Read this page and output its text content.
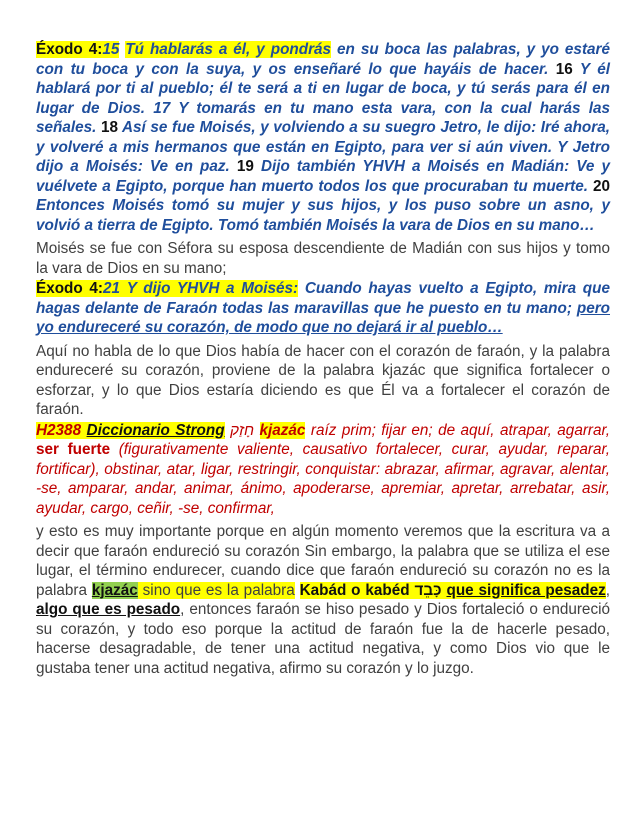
Éxodo 4:15 Tú hablarás a él, y pondrás en su boca las palabras, y yo estaré con tu boca y con la suya, y os enseñaré lo que hayáis de hacer. 16 Y él hablará por ti al pueblo; él te será a ti en lugar de boca, y tú serás para él en lugar de Dios. 17 Y tomarás en tu mano esta vara, con la cual harás las señales. 18 Así se fue Moisés, y volviendo a su suegro Jetro, le dijo: Iré ahora, y volveré a mis hermanos que están en Egipto, para ver si aún viven. Y Jetro dijo a Moisés: Ve en paz. 19 Dijo también YHVH a Moisés en Madián: Ve y vuélvete a Egipto, porque han muerto todos los que procuraban tu muerte. 20 Entonces Moisés tomó su mujer y sus hijos, y los puso sobre un asno, y volvió a tierra de Egipto. Tomó también Moisés la vara de Dios en su mano…

Moisés se fue con Séfora su esposa descendiente de Madián con sus hijos y tomo la vara de Dios en su mano;

Éxodo 4:21 Y dijo YHVH a Moisés: Cuando hayas vuelto a Egipto, mira que hagas delante de Faraón todas las maravillas que he puesto en tu mano; pero yo endureceré su corazón, de modo que no dejará ir al pueblo…

Aquí no habla de lo que Dios había de hacer con el corazón de faraón, y la palabra endureceré su corazón, proviene de la palabra kjazác que significa fortalecer o esforzar, y lo que Dios estaría diciendo es que Él va a fortalecer el corazón de faraón.

H2388 Diccionario Strong חָזַק kjazác raíz prim; fijar en; de aquí, atrapar, agarrar, ser fuerte (figurativamente valiente, causativo fortalecer, curar, ayudar, reparar, fortificar), obstinar, atar, ligar, restringir, conquistar: abrazar, afirmar, agravar, alentar, -se, amparar, andar, animar, ánimo, apoderarse, apremiar, apretar, arrebatar, asir, ayudar, cargo, ceñir, -se, confirmar,

y esto es muy importante porque en algún momento veremos que la escritura va a decir que faraón endureció su corazón Sin embargo, la palabra que se utiliza el ese lugar, el término endurecer, cuando dice que faraón endureció su corazón no es la palabra kjazác sino que es la palabra Kabád o kabéd כָּבֵד que significa pesadez, algo que es pesado, entonces faraón se hiso pesado y Dios fortaleció o endureció su corazón, y todo eso porque la actitud de faraón fue la de hacerle pesado, hacerse desagradable, de tener una actitud negativa, y como Dios vio que le gustaba tener una actitud negativa, afirmo su corazón y lo juzgo.
